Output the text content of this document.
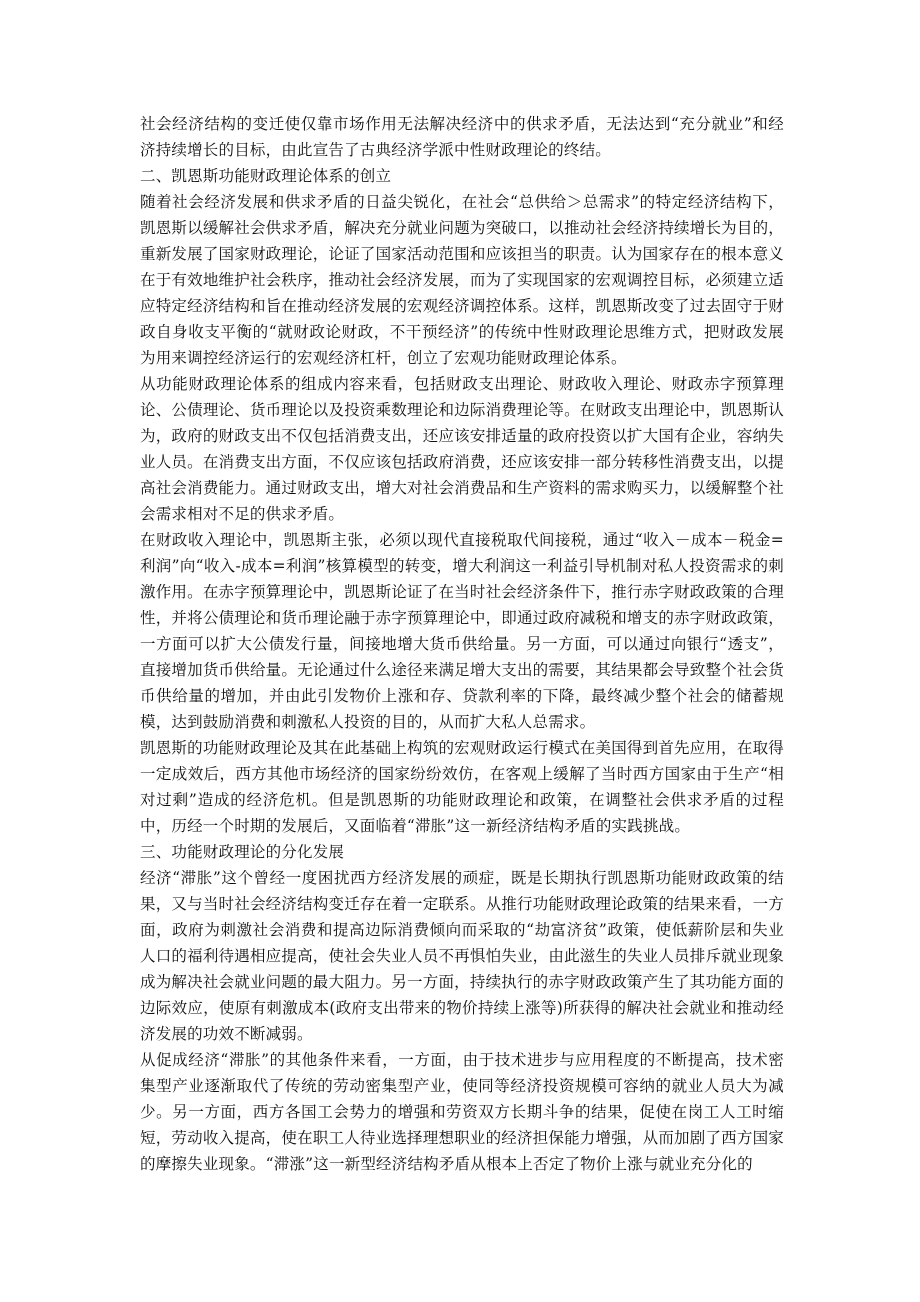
社会经济结构的变迁使仅靠市场作用无法解决经济中的供求矛盾，无法达到“充分就业”和经济持续增长的目标，由此宣告了古典经济学派中性财政理论的终结。

二、凯恩斯功能财政理论体系的创立

随着社会经济发展和供求矛盾的日益尖锐化，在社会“总供给＞总需求”的特定经济结构下，凯恩斯以缓解社会供求矛盾，解决充分就业问题为突破口，以推动社会经济持续增长为目的，重新发展了国家财政理论，论证了国家活动范围和应该担当的职责。认为国家存在的根本意义在于有效地维护社会秩序，推动社会经济发展，而为了实现国家的宏观调控目标，必须建立适应特定经济结构和旨在推动经济发展的宏观经济调控体系。这样，凯恩斯改变了过去固守于财政自身收支平衡的“就财政论财政，不干预经济”的传统中性财政理论思维方式，把财政发展为用来调控经济运行的宏观经济杠杆，创立了宏观功能财政理论体系。

从功能财政理论体系的组成内容来看，包括财政支出理论、财政收入理论、财政赤字预算理论、公债理论、货币理论以及投资乘数理论和边际消费理论等。在财政支出理论中，凯恩斯认为，政府的财政支出不仅包括消费支出，还应该安排适量的政府投资以扩大国有企业，容纳失业人员。在消费支出方面，不仅应该包括政府消费，还应该安排一部分转移性消费支出，以提高社会消费能力。通过财政支出，增大对社会消费品和生产资料的需求购买力，以缓解整个社会需求相对不足的供求矛盾。

在财政收入理论中，凯恩斯主张，必须以现代直接税取代间接税，通过“收入－成本－税金=利润”向“收入-成本=利润”核算模型的转变，增大利润这一利益引导机制对私人投资需求的刺激作用。在赤字预算理论中，凯恩斯论证了在当时社会经济条件下，推行赤字财政政策的合理性，并将公债理论和货币理论融于赤字预算理论中，即通过政府减税和增支的赤字财政政策，一方面可以扩大公债发行量，间接地增大货币供给量。另一方面，可以通过向银行“透支”，直接增加货币供给量。无论通过什么途径来满足增大支出的需要，其结果都会导致整个社会货币供给量的增加，并由此引发物价上涨和存、贷款利率的下降，最终减少整个社会的储蓄规模，达到鼓励消费和刺激私人投资的目的，从而扩大私人总需求。

凯恩斯的功能财政理论及其在此基础上构筑的宏观财政运行模式在美国得到首先应用，在取得一定成效后，西方其他市场经济的国家纷纷效仿，在客观上缓解了当时西方国家由于生产“相对过剩”造成的经济危机。但是凯恩斯的功能财政理论和政策，在调整社会供求矛盾的过程中，历经一个时期的发展后，又面临着“滞胀”这一新经济结构矛盾的实践挑战。

三、功能财政理论的分化发展

经济“滞胀”这个曾经一度困扰西方经济发展的顽症，既是长期执行凯恩斯功能财政政策的结果，又与当时社会经济结构变迁存在着一定联系。从推行功能财政理论政策的结果来看，一方面，政府为刺激社会消费和提高边际消费倾向而采取的“劫富济贫”政策，使低薪阶层和失业人口的福利待遇相应提高，使社会失业人员不再惧怕失业，由此滋生的失业人员排斥就业现象成为解决社会就业问题的最大阻力。另一方面，持续执行的赤字财政政策产生了其功能方面的边际效应，使原有刺激成本(政府支出带来的物价持续上涨等)所获得的解决社会就业和推动经济发展的功效不断减弱。

从促成经济“滞胀”的其他条件来看，一方面，由于技术进步与应用程度的不断提高，技术密集型产业逐渐取代了传统的劳动密集型产业，使同等经济投资规模可容纳的就业人员大为减少。另一方面，西方各国工会势力的增强和劳资双方长期斗争的结果，促使在岗工人工时缩短，劳动收入提高，使在职工人待业选择理想职业的经济担保能力增强，从而加剧了西方国家的摩擦失业现象。“滞涨”这一新型经济结构矛盾从根本上否定了物价上涨与就业充分化的
